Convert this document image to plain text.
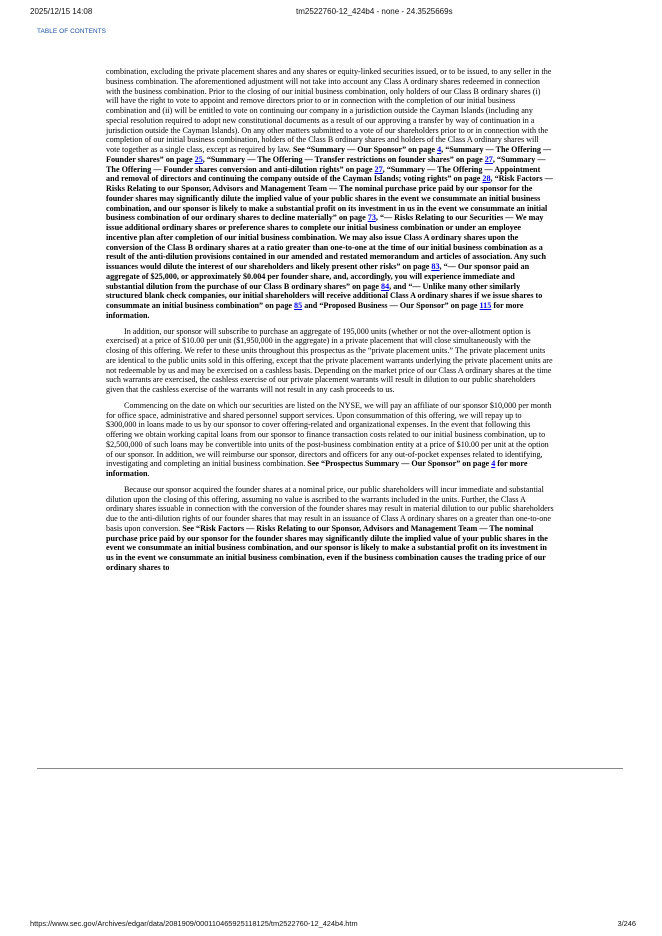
2025/12/15 14:08	tm2522760-12_424b4 - none - 24.3525669s
TABLE OF CONTENTS

combination, excluding the private placement shares and any shares or equity-linked securities issued, or to be issued, to any seller in the business combination. The aforementioned adjustment will not take into account any Class A ordinary shares redeemed in connection with the business combination. Prior to the closing of our initial business combination, only holders of our Class B ordinary shares (i) will have the right to vote to appoint and remove directors prior to or in connection with the completion of our initial business combination and (ii) will be entitled to vote on continuing our company in a jurisdiction outside the Cayman Islands (including any special resolution required to adopt new constitutional documents as a result of our approving a transfer by way of continuation in a jurisdiction outside the Cayman Islands). On any other matters submitted to a vote of our shareholders prior to or in connection with the completion of our initial business combination, holders of the Class B ordinary shares and holders of the Class A ordinary shares will vote together as a single class, except as required by law. See “Summary — Our Sponsor” on page 4, “Summary — The Offering — Founder shares” on page 25, “Summary — The Offering — Transfer restrictions on founder shares” on page 27, “Summary — The Offering — Founder shares conversion and anti-dilution rights” on page 27, “Summary — The Offering — Appointment and removal of directors and continuing the company outside of the Cayman Islands; voting rights” on page 28, “Risk Factors — Risks Relating to our Sponsor, Advisors and Management Team — The nominal purchase price paid by our sponsor for the founder shares may significantly dilute the implied value of your public shares in the event we consummate an initial business combination, and our sponsor is likely to make a substantial profit on its investment in us in the event we consummate an initial business combination of our ordinary shares to decline materially” on page 73, “— Risks Relating to our Securities — We may issue additional ordinary shares or preference shares to complete our initial business combination or under an employee incentive plan after completion of our initial business combination. We may also issue Class A ordinary shares upon the conversion of the Class B ordinary shares at a ratio greater than one-to-one at the time of our initial business combination as a result of the anti-dilution provisions contained in our amended and restated memorandum and articles of association. Any such issuances would dilute the interest of our shareholders and likely present other risks” on page 83, “— Our sponsor paid an aggregate of $25,000, or approximately $0.004 per founder share, and, accordingly, you will experience immediate and substantial dilution from the purchase of our Class B ordinary shares” on page 84, and “— Unlike many other similarly structured blank check companies, our initial shareholders will receive additional Class A ordinary shares if we issue shares to consummate an initial business combination” on page 85 and “Proposed Business — Our Sponsor” on page 115 for more information.

In addition, our sponsor will subscribe to purchase an aggregate of 195,000 units (whether or not the over-allotment option is exercised) at a price of $10.00 per unit ($1,950,000 in the aggregate) in a private placement that will close simultaneously with the closing of this offering. We refer to these units throughout this prospectus as the “private placement units.” The private placement units are identical to the public units sold in this offering, except that the private placement warrants underlying the private placement units are not redeemable by us and may be exercised on a cashless basis. Depending on the market price of our Class A ordinary shares at the time such warrants are exercised, the cashless exercise of our private placement warrants will result in dilution to our public shareholders given that the cashless exercise of the warrants will not result in any cash proceeds to us.

Commencing on the date on which our securities are listed on the NYSE, we will pay an affiliate of our sponsor $10,000 per month for office space, administrative and shared personnel support services. Upon consummation of this offering, we will repay up to $300,000 in loans made to us by our sponsor to cover offering-related and organizational expenses. In the event that following this offering we obtain working capital loans from our sponsor to finance transaction costs related to our initial business combination, up to $2,500,000 of such loans may be convertible into units of the post-business combination entity at a price of $10.00 per unit at the option of our sponsor. In addition, we will reimburse our sponsor, directors and officers for any out-of-pocket expenses related to identifying, investigating and completing an initial business combination. See “Prospectus Summary — Our Sponsor” on page 4 for more information.

Because our sponsor acquired the founder shares at a nominal price, our public shareholders will incur immediate and substantial dilution upon the closing of this offering, assuming no value is ascribed to the warrants included in the units. Further, the Class A ordinary shares issuable in connection with the conversion of the founder shares may result in material dilution to our public shareholders due to the anti-dilution rights of our founder shares that may result in an issuance of Class A ordinary shares on a greater than one-to-one basis upon conversion. See “Risk Factors — Risks Relating to our Sponsor, Advisors and Management Team — The nominal purchase price paid by our sponsor for the founder shares may significantly dilute the implied value of your public shares in the event we consummate an initial business combination, and our sponsor is likely to make a substantial profit on its investment in us in the event we consummate an initial business combination, even if the business combination causes the trading price of our ordinary shares to

https://www.sec.gov/Archives/edgar/data/2081909/000110465925118125/tm2522760-12_424b4.htm	3/246
